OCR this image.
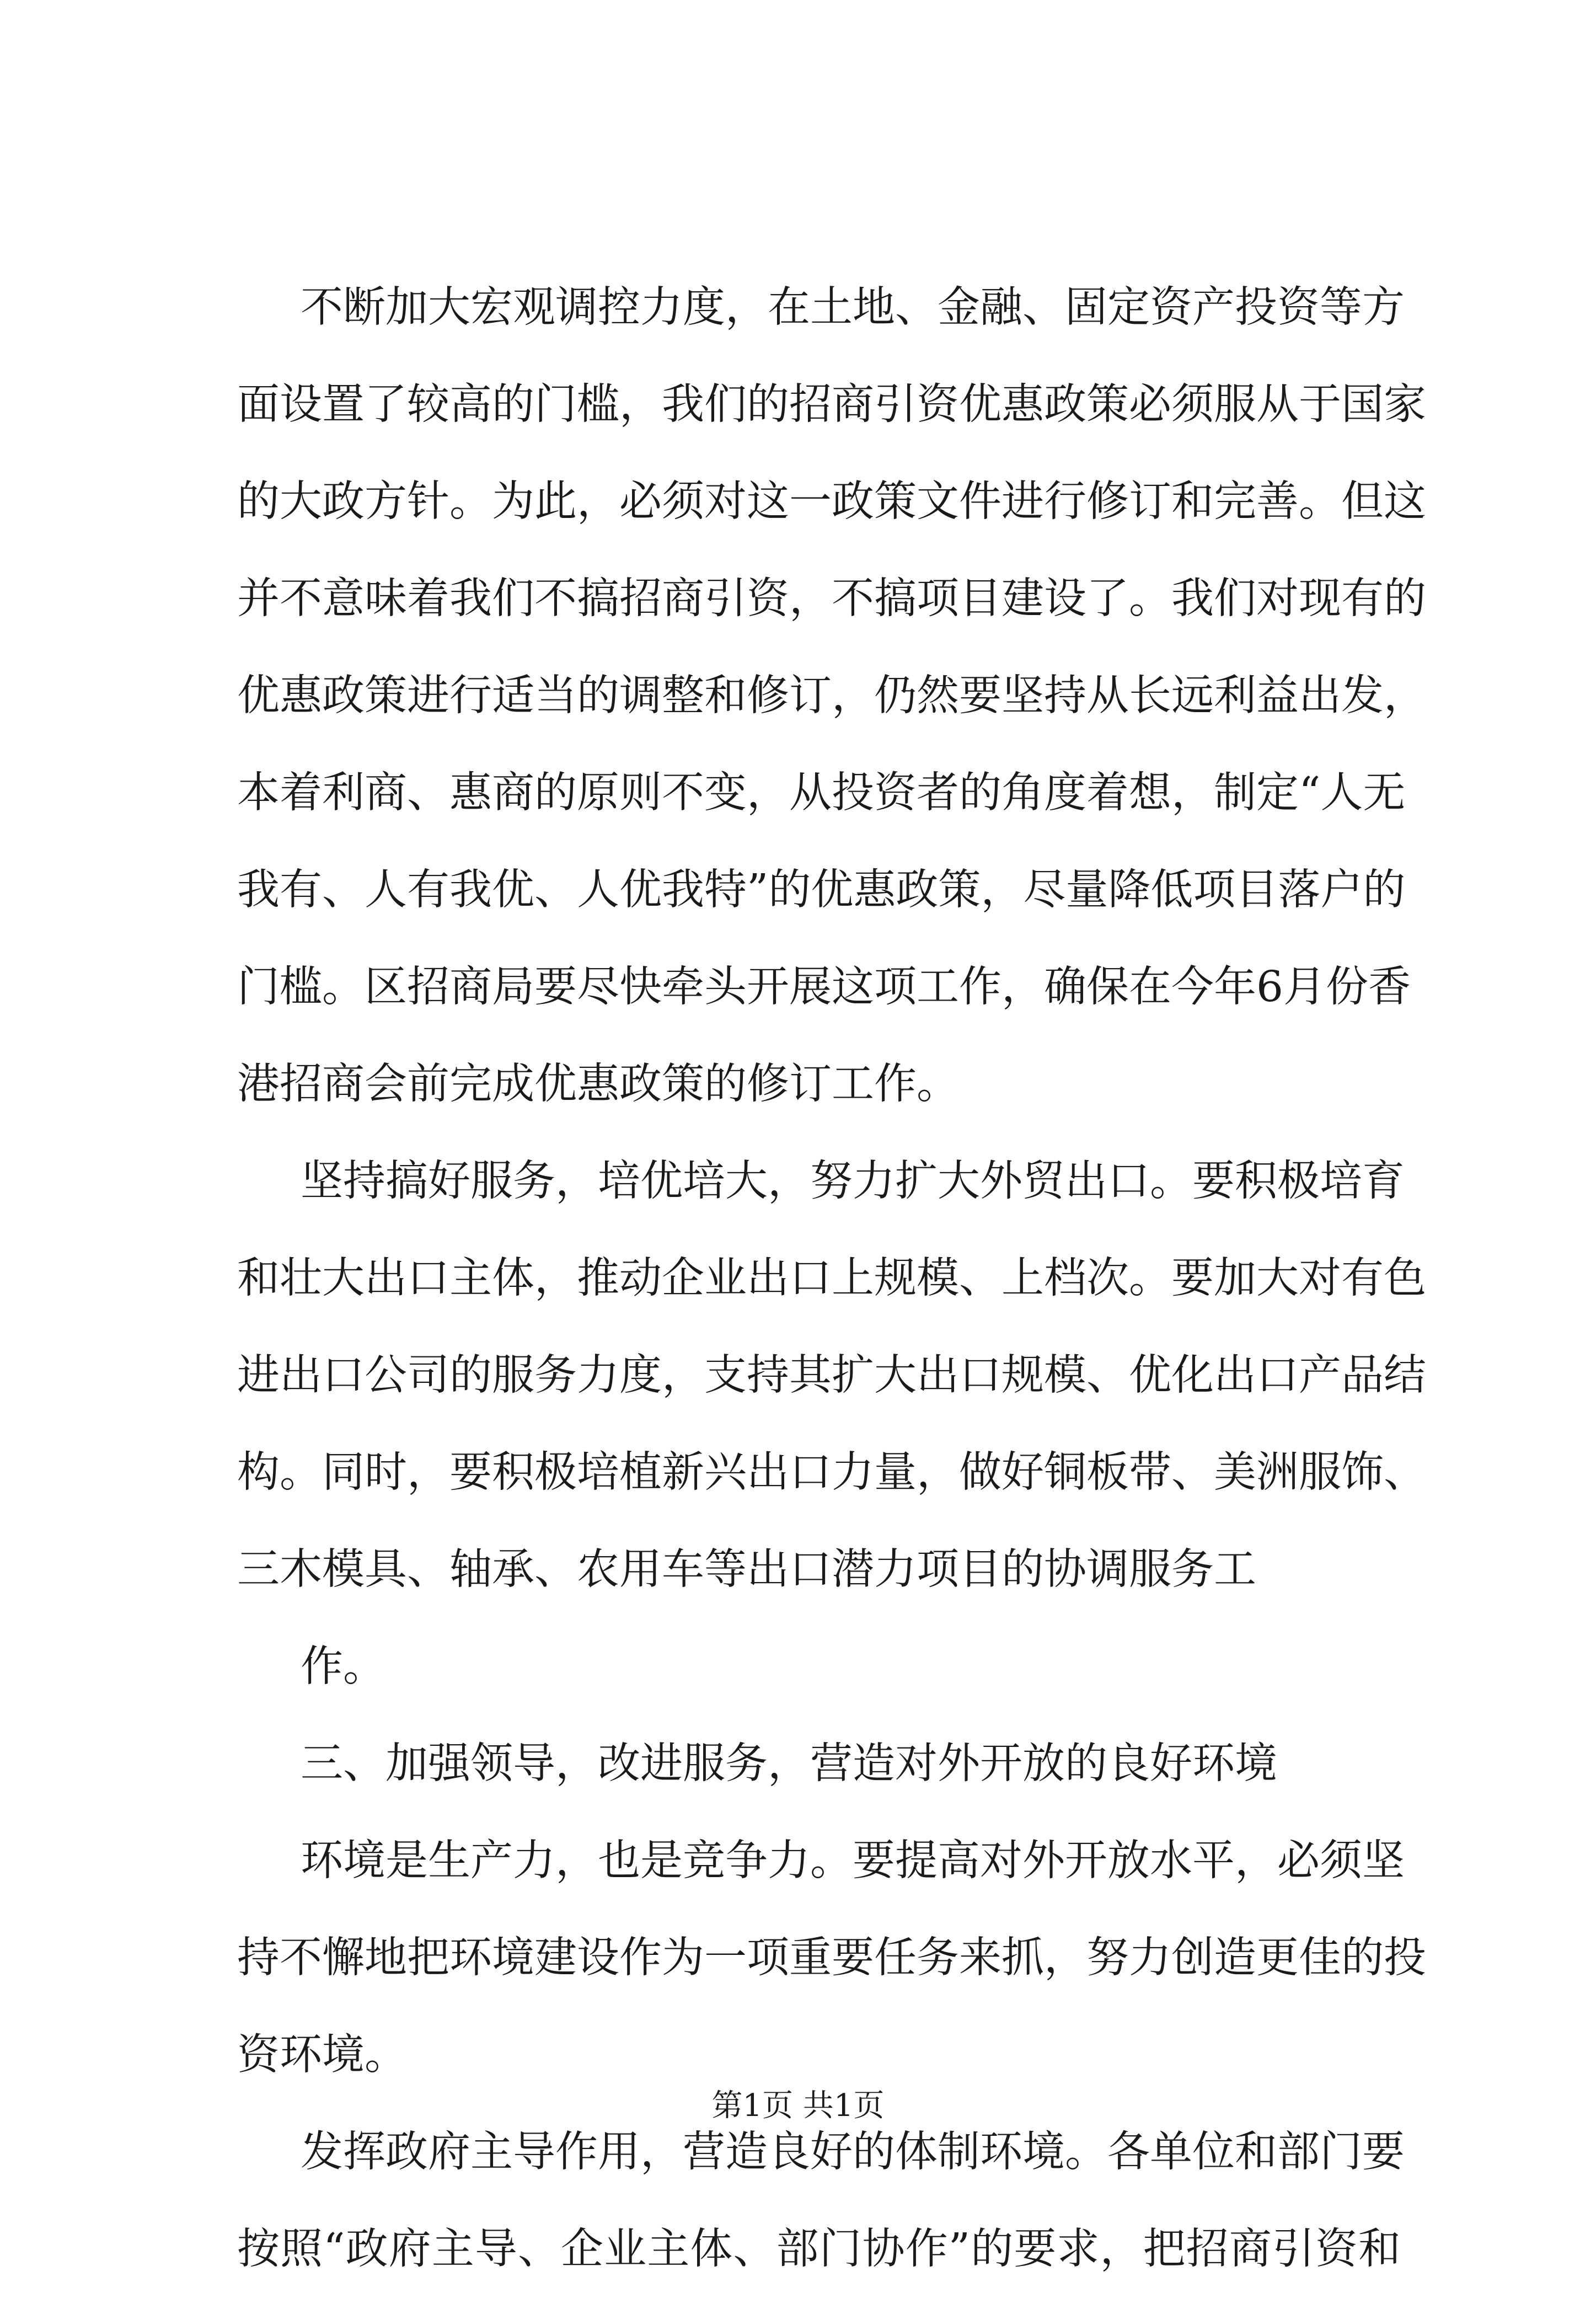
不断加大宏观调控力度，在土地、金融、固定资产投资等方
面设置了较高的门槛，我们的招商引资优惠政策必须服从于国家
的大政方针。为此，必须对这一政策文件进行修订和完善。但这
并不意味着我们不搞招商引资，不搞项目建设了。我们对现有的
优惠政策进行适当的调整和修订，仍然要坚持从长远利益出发，
本着利商、惠商的原则不变，从投资者的角度着想，制定“人无
我有、人有我优、人优我特”的优惠政策，尽量降低项目落户的
门槛。区招商局要尽快牵头开展这项工作，确保在今年6月份香
港招商会前完成优惠政策的修订工作。
坚持搞好服务，培优培大，努力扩大外贸出口。要积极培育
和壮大出口主体，推动企业出口上规模、上档次。要加大对有色
进出口公司的服务力度，支持其扩大出口规模、优化出口产品结
构。同时，要积极培植新兴出口力量，做好铜板带、美洲服饰、
三木模具、轴承、农用车等出口潜力项目的协调服务工
作。
三、加强领导，改进服务，营造对外开放的良好环境
环境是生产力，也是竞争力。要提高对外开放水平，必须坚
持不懈地把环境建设作为一项重要任务来抓，努力创造更佳的投
资环境。
发挥政府主导作用，营造良好的体制环境。各单位和部门要
按照“政府主导、企业主体、部门协作”的要求，把招商引资和
第1页 共1页
